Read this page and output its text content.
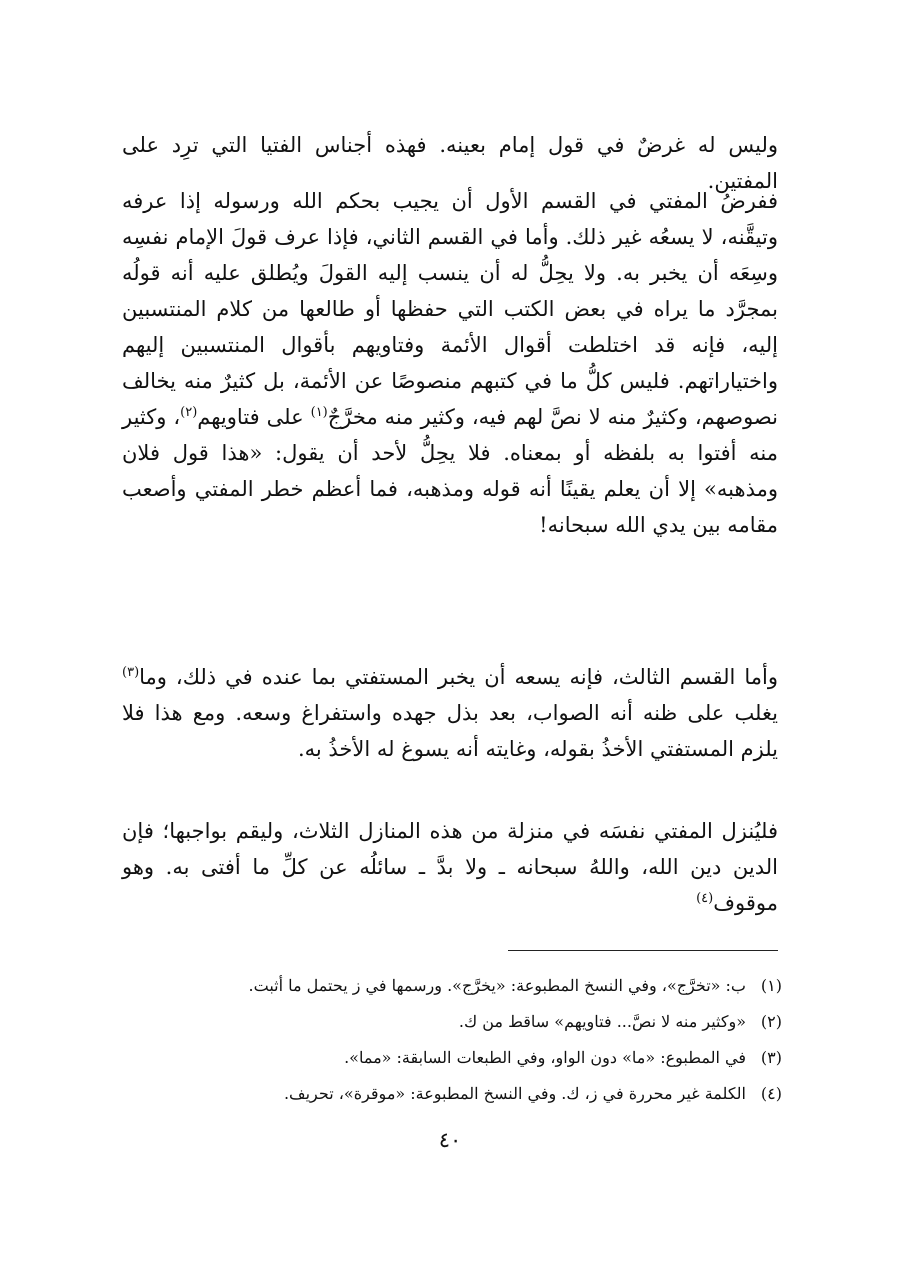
وليس له غرضٌ في قول إمام بعينه. فهذه أجناس الفتيا التي ترِد على المفتين.

ففرضُ المفتي في القسم الأول أن يجيب بحكم الله ورسوله إذا عرفه وتيقَّنه، لا يسعُه غير ذلك. وأما في القسم الثاني، فإذا عرف قولَ الإمام نفسِه وسِعَه أن يخبر به. ولا يحِلُّ له أن ينسب إليه القولَ ويُطلق عليه أنه قولُه بمجرَّد ما يراه في بعض الكتب التي حفظها أو طالعها من كلام المنتسبين إليه، فإنه قد اختلطت أقوال الأئمة وفتاويهم بأقوال المنتسبين إليهم واختياراتهم. فليس كلُّ ما في كتبهم منصوصًا عن الأئمة، بل كثيرٌ منه يخالف نصوصهم، وكثيرٌ منه لا نصَّ لهم فيه، وكثير منه مخرَّجٌ$^{(١)}$ على فتاويهم$^{(٢)}$، وكثير منه أفتوا به بلفظه أو بمعناه. فلا يحِلُّ لأحد أن يقول: «هذا قول فلان ومذهبه» إلا أن يعلم يقينًا أنه قوله ومذهبه، فما أعظم خطر المفتي وأصعب مقامه بين يدي الله سبحانه!

وأما القسم الثالث، فإنه يسعه أن يخبر المستفتي بما عنده في ذلك، وما$^{(٣)}$ يغلب على ظنه أنه الصواب، بعد بذل جهده واستفراغ وسعه. ومع هذا فلا يلزم المستفتي الأخذُ بقوله، وغايته أنه يسوغ له الأخذُ به.

فليُنزل المفتي نفسَه في منزلة من هذه المنازل الثلاث، وليقم بواجبها؛ فإن الدين دين الله، واللهُ سبحانه ـ ولا بدَّ ـ سائلُه عن كلِّ ما أفتى به. وهو موقوف$^{(٤)}$

(١)
ب: «تخرَّج»، وفي النسخ المطبوعة: «يخرَّج». ورسمها في ز يحتمل ما أثبت.
(٢)
«وكثير منه لا نصَّ... فتاويهم» ساقط من ك.
(٣)
في المطبوع: «ما» دون الواو، وفي الطبعات السابقة: «مما».
(٤)
الكلمة غير محررة في ز، ك. وفي النسخ المطبوعة: «موقرة»، تحريف.
٤٠
